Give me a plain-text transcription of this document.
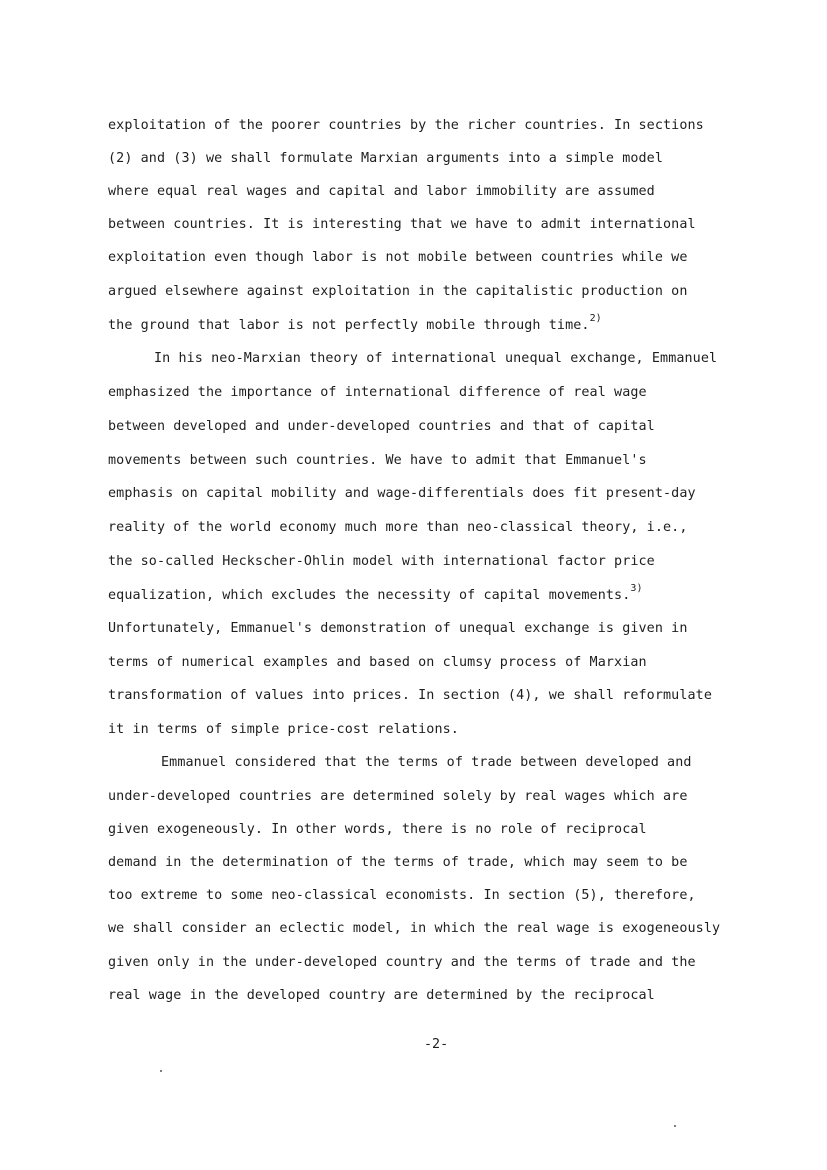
exploitation of the poorer countries by the richer countries. In sections
(2) and (3) we shall formulate Marxian arguments into a simple model
where equal real wages and capital and labor immobility are assumed
between countries. It is interesting that we have to admit international
exploitation even though labor is not mobile between countries while we
argued elsewhere against exploitation in the capitalistic production on
the ground that labor is not perfectly mobile through time.$^{2)}$
In his neo-Marxian theory of international unequal exchange, Emmanuel
emphasized the importance of international difference of real wage
between developed and under-developed countries and that of capital
movements between such countries. We have to admit that Emmanuel's
emphasis on capital mobility and wage-differentials does fit present-day
reality of the world economy much more than neo-classical theory, i.e.,
the so-called Heckscher-Ohlin model with international factor price
equalization, which excludes the necessity of capital movements.$^{3)}$
Unfortunately, Emmanuel's demonstration of unequal exchange is given in
terms of numerical examples and based on clumsy process of Marxian
transformation of values into prices. In section (4), we shall reformulate
it in terms of simple price-cost relations.
Emmanuel considered that the terms of trade between developed and
under-developed countries are determined solely by real wages which are
given exogeneously. In other words, there is no role of reciprocal
demand in the determination of the terms of trade, which may seem to be
too extreme to some neo-classical economists. In section (5), therefore,
we shall consider an eclectic model, in which the real wage is exogeneously
given only in the under-developed country and the terms of trade and the
real wage in the developed country are determined by the reciprocal
-2-
